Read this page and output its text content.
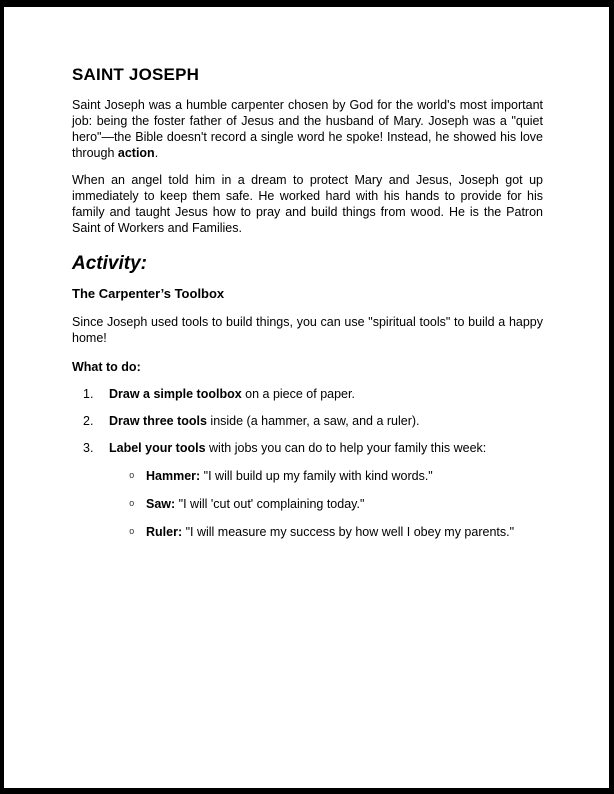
SAINT JOSEPH

Saint Joseph was a humble carpenter chosen by God for the world's most important job: being the foster father of Jesus and the husband of Mary. Joseph was a "quiet hero"—the Bible doesn't record a single word he spoke! Instead, he showed his love through action.

When an angel told him in a dream to protect Mary and Jesus, Joseph got up immediately to keep them safe. He worked hard with his hands to provide for his family and taught Jesus how to pray and build things from wood. He is the Patron Saint of Workers and Families.

Activity:
The Carpenter’s Toolbox

Since Joseph used tools to build things, you can use "spiritual tools" to build a happy home!

What to do:

1.	Draw a simple toolbox on a piece of paper.
2.	Draw three tools inside (a hammer, a saw, and a ruler).
3.	Label your tools with jobs you can do to help your family this week:
o Hammer: "I will build up my family with kind words."
o Saw: "I will 'cut out' complaining today."
o Ruler: "I will measure my success by how well I obey my parents."
